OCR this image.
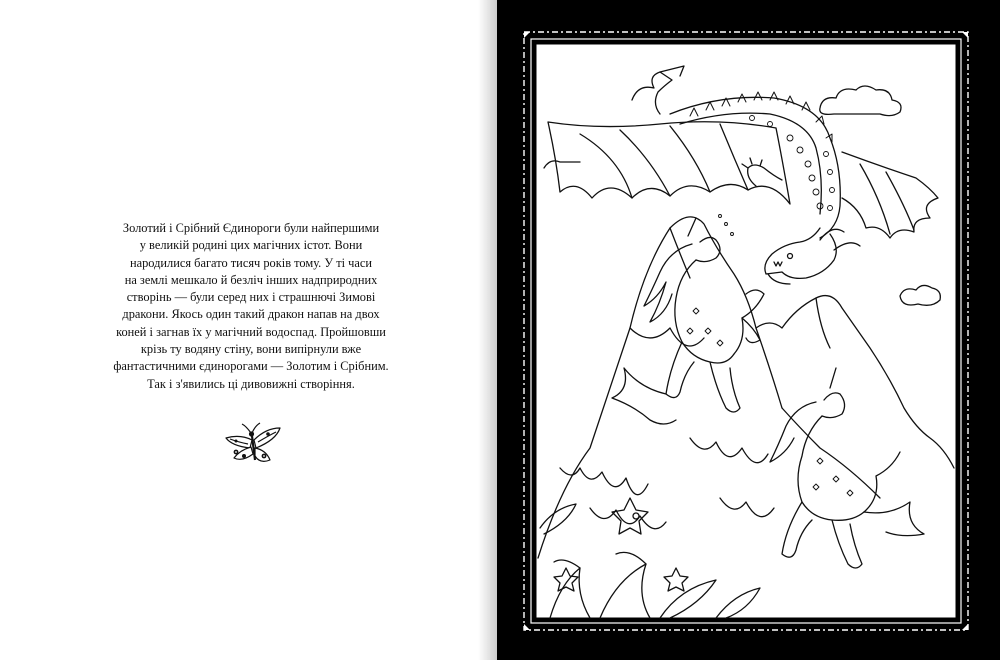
Золотий і Срібний Єдинороги були найпершими

у великій родині цих магічних істот. Вони

народилися багато тисяч років тому. У ті часи

на землі мешкало й безліч інших надприродних

створінь — були серед них і страшнючі Зимові

дракони. Якось один такий дракон напав на двох

коней і загнав їх у магічний водоспад. Пройшовши

крізь ту водяну стіну, вони випірнули вже

фантастичними єдинорогами — Золотим і Срібним.

Так і з'явились ці дивовижні створіння.
